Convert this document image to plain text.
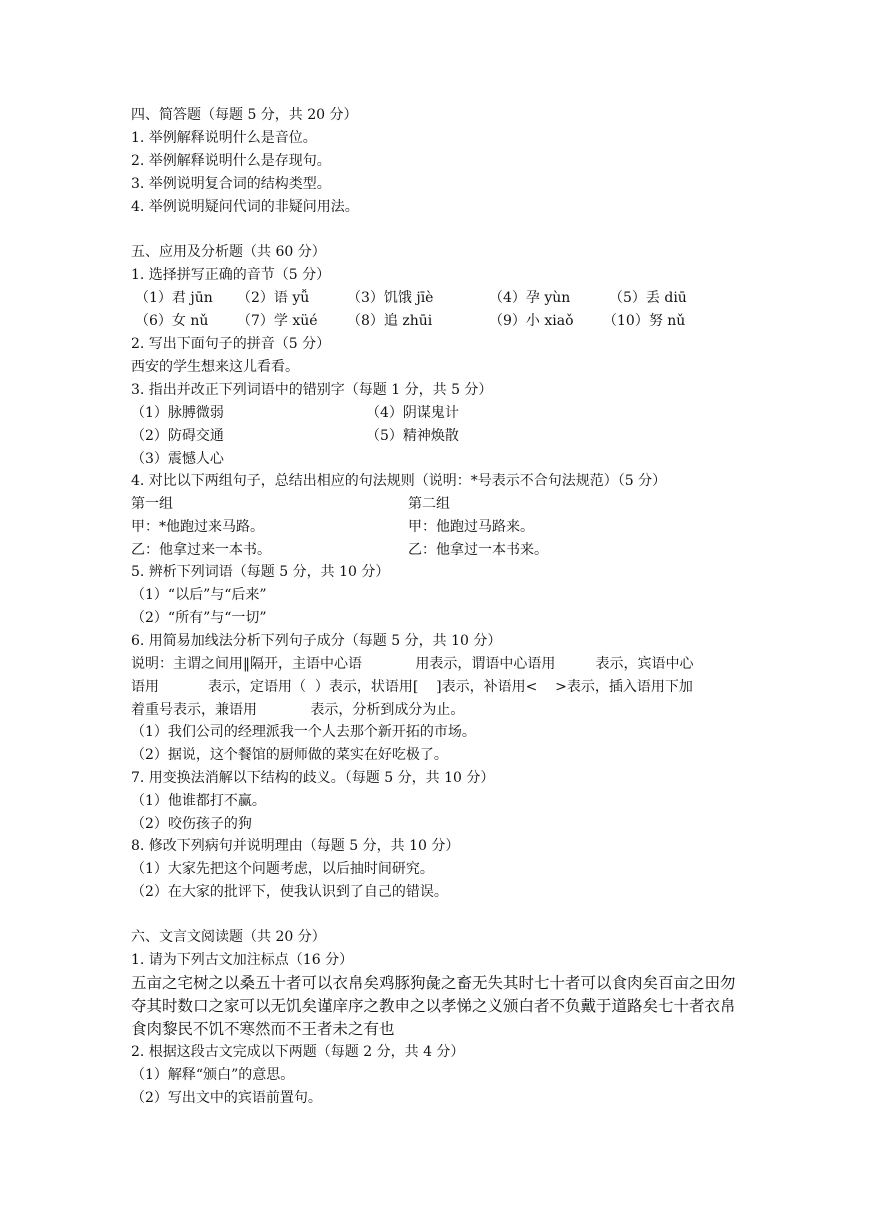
四、简答题（每题 5 分，共 20 分）
1. 举例解释说明什么是音位。
2. 举例解释说明什么是存现句。
3. 举例说明复合词的结构类型。
4. 举例说明疑问代词的非疑问用法。
五、应用及分析题（共 60 分）
1. 选择拼写正确的音节（5 分）
（1）君 jūn （2）语 yǚ	（3）饥饿 jīè	（4）孕 yùn	（5）丢 diū
（6）女 nǔ （7）学 xüé （8）追 zhūi	（9）小 xiaǒ （10）努 nǔ
2. 写出下面句子的拼音（5 分）
西安的学生想来这儿看看。
3. 指出并改正下列词语中的错别字（每题 1 分，共 5 分）
（1）脉膊微弱	（4）阴谋鬼计
（2）防碍交通	（5）精神焕散
（3）震憾人心
4. 对比以下两组句子，总结出相应的句法规则（说明：*号表示不合句法规范）（5 分）
第一组	第二组
甲：*他跑过来马路。	甲：他跑过马路来。
乙：他拿过来一本书。	乙：他拿过一本书来。
5. 辨析下列词语（每题 5 分，共 10 分）
（1）“以后”与“后来”
（2）“所有”与“一切”
6. 用简易加线法分析下列句子成分（每题 5 分，共 10 分）
说明：主谓之间用‖隔开，主语中心语            用表示，谓语中心语用         表示，宾语中心
语用           表示，定语用（  ）表示，状语用[    ]表示，补语用<    >表示，插入语用下加
着重号表示，兼语用            表示，分析到成分为止。
（1）我们公司的经理派我一个人去那个新开拓的市场。
（2）据说，这个餐馆的厨师做的菜实在好吃极了。
7. 用变换法消解以下结构的歧义。（每题 5 分，共 10 分）
（1）他谁都打不赢。
（2）咬伤孩子的狗
8. 修改下列病句并说明理由（每题 5 分，共 10 分）
（1）大家先把这个问题考虑，以后抽时间研究。
（2）在大家的批评下，使我认识到了自己的错误。
六、文言文阅读题（共 20 分）
1. 请为下列古文加注标点（16 分）
五亩之宅树之以桑五十者可以衣帛矣鸡豚狗彘之畜无失其时七十者可以食肉矣百亩之田勿
夺其时数口之家可以无饥矣谨庠序之教申之以孝悌之义颁白者不负戴于道路矣七十者衣帛
食肉黎民不饥不寒然而不王者未之有也
2. 根据这段古文完成以下两题（每题 2 分，共 4 分）
（1）解释“颁白”的意思。
（2）写出文中的宾语前置句。
